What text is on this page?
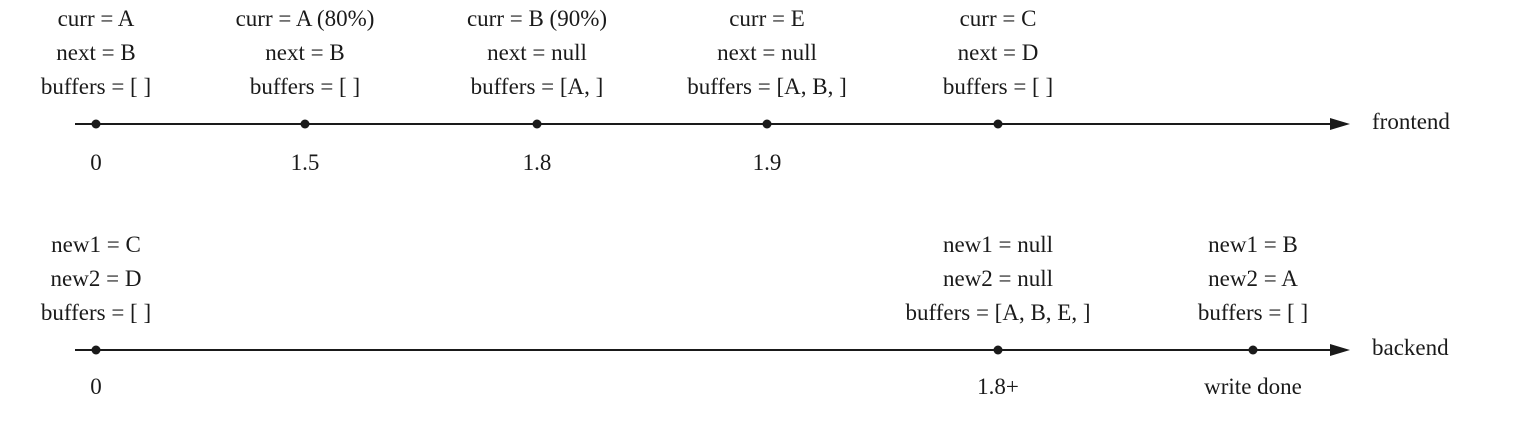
curr = A
next = B
buffers = [ ]
curr = A (80%)
next = B
buffers = [ ]
curr = B (90%)
next = null
buffers = [A, ]
curr = E
next = null
buffers = [A, B, ]
curr = C
next = D
buffers = [ ]
frontend
0	1.5	1.8	1.9
new1 = C
new2 = D
buffers = [ ]
new1 = null
new2 = null
buffers = [A, B, E, ]
new1 = B
new2 = A
buffers = [ ]
backend
0	1.8+	write done
